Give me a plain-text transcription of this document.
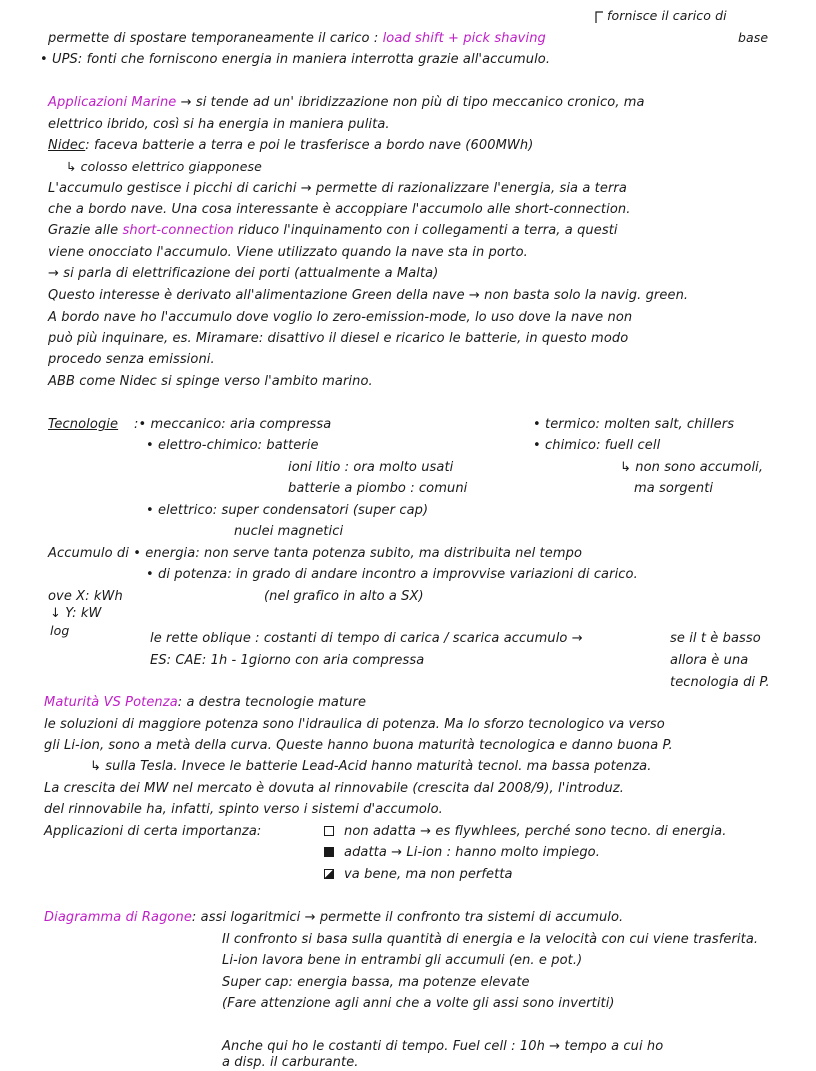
fornisce il carico di
base
permette di spostare temporaneamente il carico : load shift + pick shaving
• UPS: fonti che forniscono energia in maniera interrotta grazie all'accumulo.
Applicazioni Marine → si tende ad un' ibridizzazione non più di tipo meccanico cronico, ma
elettrico ibrido, così si ha energia in maniera pulita.
Nidec: faceva batterie a terra e poi le trasferisce a bordo nave (600MWh)
↳ colosso elettrico giapponese
L'accumulo gestisce i picchi di carichi → permette di razionalizzare l'energia, sia a terra
che a bordo nave. Una cosa interessante è accoppiare l'accumolo alle short-connection.
Grazie alle short-connection riduco l'inquinamento con i collegamenti a terra, a questi
viene onocciato l'accumulo. Viene utilizzato quando la nave sta in porto.
→ si parla di elettrificazione dei porti (attualmente a Malta)
Questo interesse è derivato all'alimentazione Green della nave → non basta solo la navig. green.
A bordo nave ho l'accumulo dove voglio lo zero-emission-mode, lo uso dove la nave non
può più inquinare, es. Miramare: disattivo il diesel e ricarico le batterie, in questo modo
procedo senza emissioni.
ABB come Nidec si spinge verso l'ambito marino.
Tecnologie :• meccanico: aria compressa
• elettro-chimico: batterie
ioni litio : ora molto usati
batterie a piombo : comuni
• elettrico: super condensatori (super cap)
nuclei magnetici
• termico: molten salt, chillers
• chimico: fuell cell
↳ non sono accumoli,
ma sorgenti
Accumulo di • energia: non serve tanta potenza subito, ma distribuita nel tempo
• di potenza: in grado di andare incontro a improvvise variazioni di carico.
ove X: kWh	(nel grafico in alto a SX)
↓ Y: kW
log
le rette oblique : costanti di tempo di carica / scarica accumulo →	se il t è basso
ES: CAE: 1h - 1giorno con aria compressa	allora è una
tecnologia di P.
Maturità VS Potenza: a destra tecnologie mature
le soluzioni di maggiore potenza sono l'idraulica di potenza. Ma lo sforzo tecnologico va verso
gli Li-ion, sono a metà della curva. Queste hanno buona maturità tecnologica e danno buona P.
↳ sulla Tesla. Invece le batterie Lead-Acid hanno maturità tecnol. ma bassa potenza.
La crescita dei MW nel mercato è dovuta al rinnovabile (crescita dal 2008/9), l'introduz.
del rinnovabile ha, infatti, spinto verso i sistemi d'accumolo.
Applicazioni di certa importanza:	non adatta → es flywhlees, perché sono tecno. di energia.
adatta → Li-ion : hanno molto impiego.
va bene, ma non perfetta
Diagramma di Ragone: assi logaritmici → permette il confronto tra sistemi di accumulo.
Il confronto si basa sulla quantità di energia e la velocità con cui viene trasferita.
Li-ion lavora bene in entrambi gli accumuli (en. e pot.)
Super cap: energia bassa, ma potenze elevate
(Fare attenzione agli anni che a volte gli assi sono invertiti)
Anche qui ho le costanti di tempo. Fuel cell : 10h → tempo a cui ho
a disp. il carburante.
